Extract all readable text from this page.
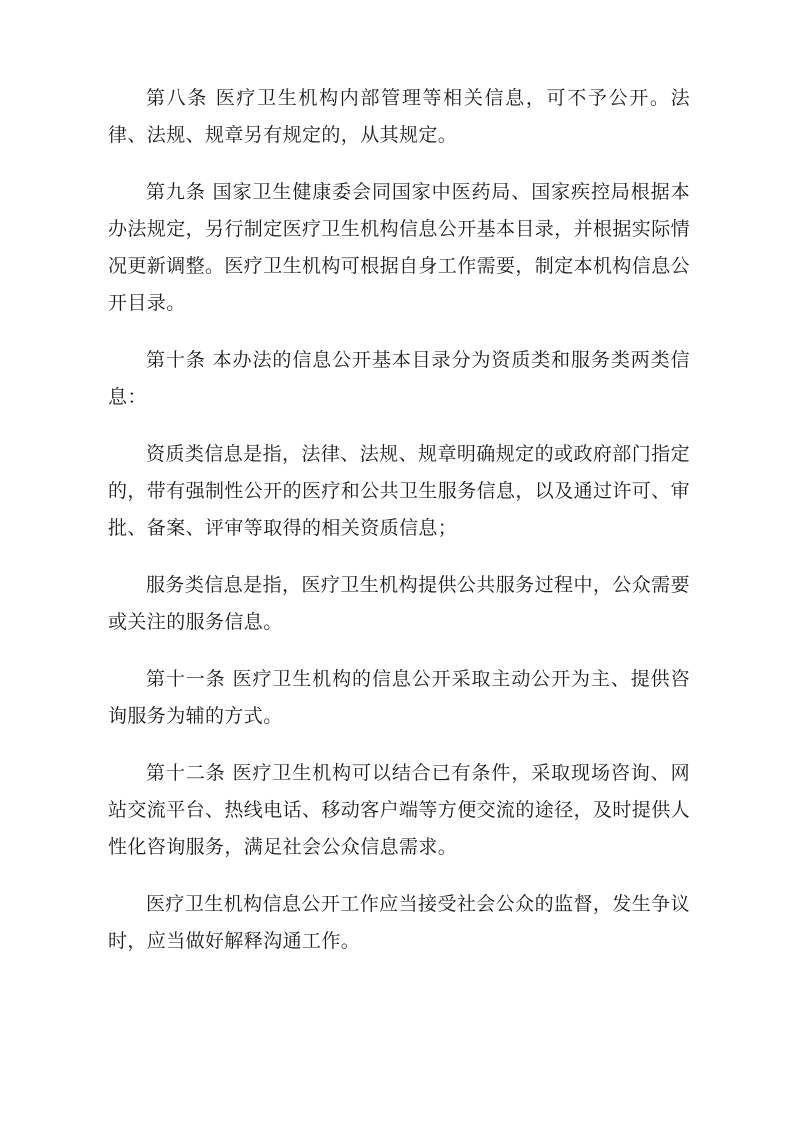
第八条 医疗卫生机构内部管理等相关信息，可不予公开。法律、法规、规章另有规定的，从其规定。

第九条 国家卫生健康委会同国家中医药局、国家疾控局根据本办法规定，另行制定医疗卫生机构信息公开基本目录，并根据实际情况更新调整。医疗卫生机构可根据自身工作需要，制定本机构信息公开目录。

第十条 本办法的信息公开基本目录分为资质类和服务类两类信息：

资质类信息是指，法律、法规、规章明确规定的或政府部门指定的，带有强制性公开的医疗和公共卫生服务信息，以及通过许可、审批、备案、评审等取得的相关资质信息；

服务类信息是指，医疗卫生机构提供公共服务过程中，公众需要或关注的服务信息。

第十一条 医疗卫生机构的信息公开采取主动公开为主、提供咨询服务为辅的方式。

第十二条 医疗卫生机构可以结合已有条件，采取现场咨询、网站交流平台、热线电话、移动客户端等方便交流的途径，及时提供人性化咨询服务，满足社会公众信息需求。

医疗卫生机构信息公开工作应当接受社会公众的监督，发生争议时，应当做好解释沟通工作。
